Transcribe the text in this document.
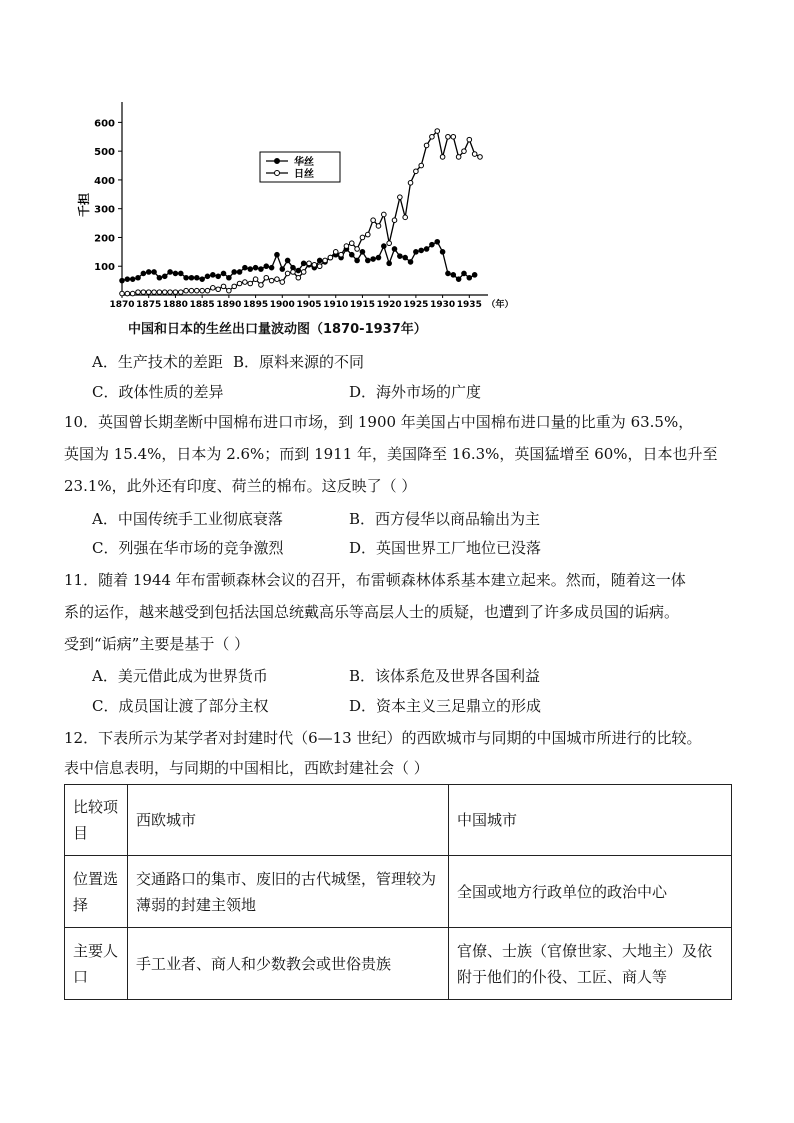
100
200
300
400
500
600
1870 1875 1880 1885 1890 1895 1900 1905 1910 1915 1920 1925 1930 1935 （年）
千担
华丝
日丝
中国和日本的生丝出口量波动图（1870-1937年）
A．生产技术的差距 B．原料来源的不同
C．政体性质的差异	D．海外市场的广度
10．英国曾长期垄断中国棉布进口市场，到 1900 年美国占中国棉布进口量的比重为 63.5%，
英国为 15.4%，日本为 2.6%；而到 1911 年，美国降至 16.3%，英国猛增至 60%，日本也升至
23.1%，此外还有印度、荷兰的棉布。这反映了（ ）
A．中国传统手工业彻底衰落	B．西方侵华以商品输出为主
C．列强在华市场的竞争激烈	D．英国世界工厂地位已没落
11．随着 1944 年布雷顿森林会议的召开，布雷顿森林体系基本建立起来。然而，随着这一体
系的运作，越来越受到包括法国总统戴高乐等高层人士的质疑，也遭到了许多成员国的诟病。
受到“诟病”主要是基于（ ）
A．美元借此成为世界货币	B．该体系危及世界各国利益
C．成员国让渡了部分主权	D．资本主义三足鼎立的形成
12．下表所示为某学者对封建时代（6—13 世纪）的西欧城市与同期的中国城市所进行的比较。
表中信息表明，与同期的中国相比，西欧封建社会（ ）
比较项目	西欧城市	中国城市
位置选择	交通路口的集市、废旧的古代城堡，管理较为薄弱的封建主领地	全国或地方行政单位的政治中心
主要人口	手工业者、商人和少数教会或世俗贵族	官僚、士族（官僚世家、大地主）及依附于他们的仆役、工匠、商人等
